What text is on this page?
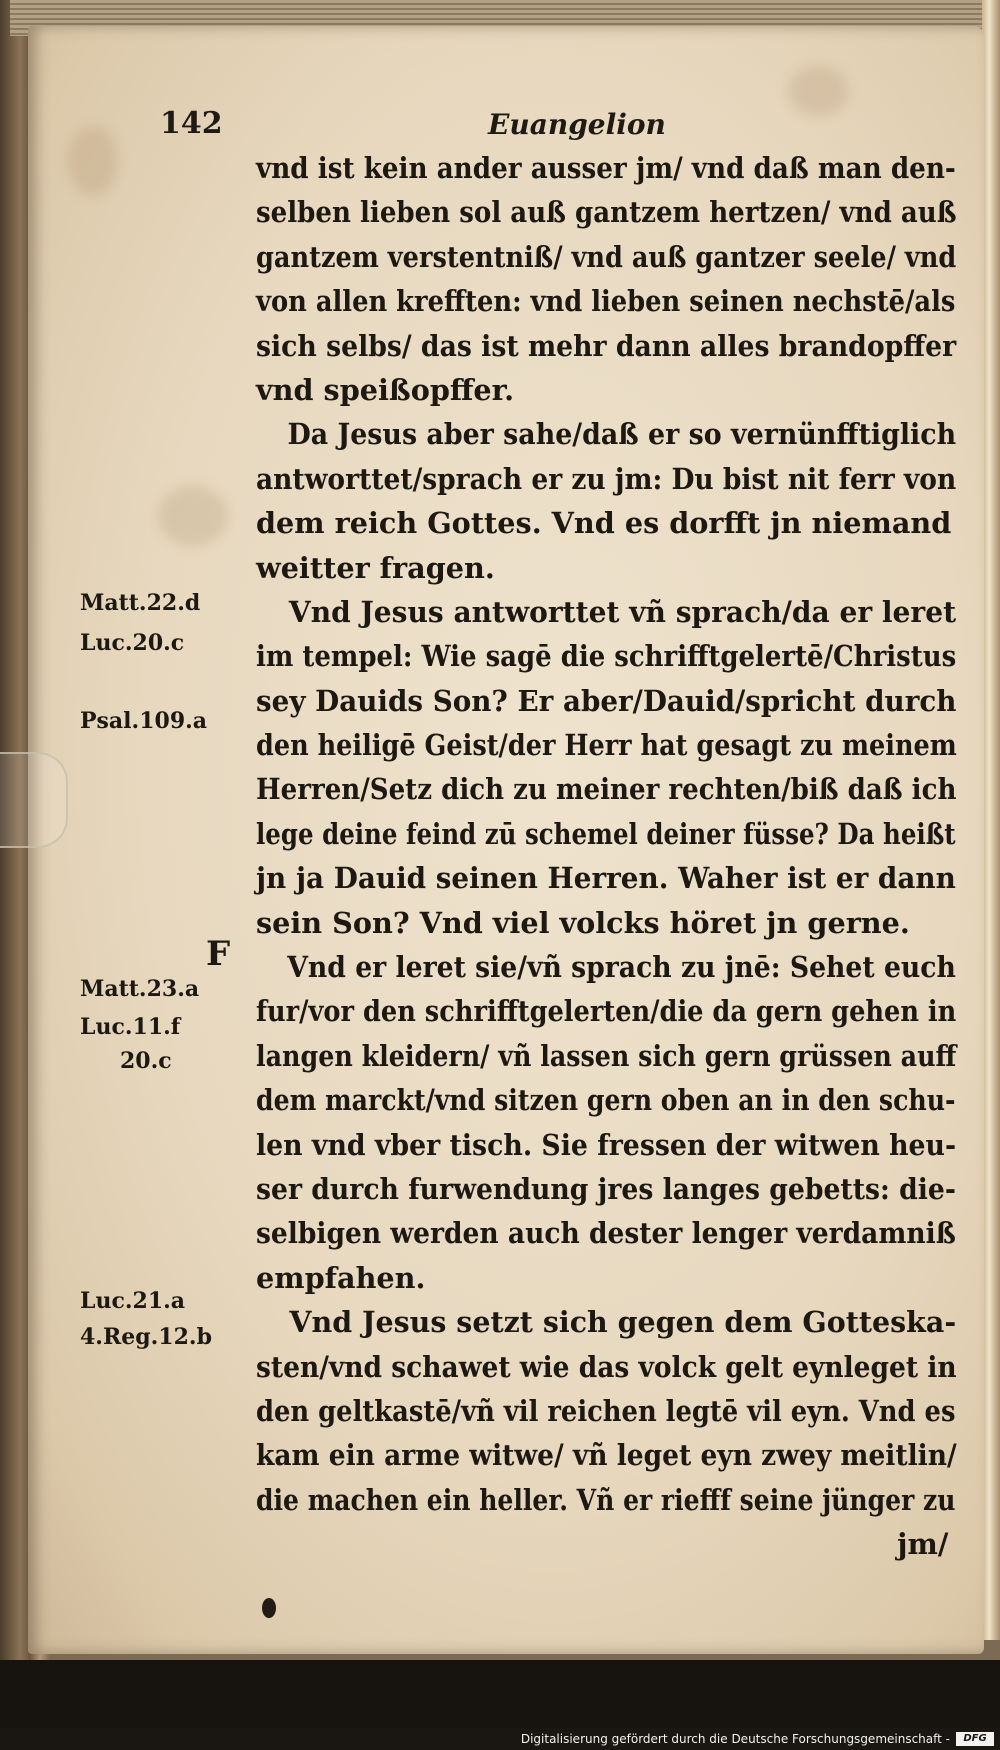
142	Euangelion
vnd ist kein ander ausser jm/ vnd daß man den-
selben lieben sol auß gantzem hertzen/ vnd auß
gantzem verstentniß/ vnd auß gantzer seele/ vnd
von allen krefften: vnd lieben seinen nechstē/als
sich selbs/ das ist mehr dann alles brandopffer
vnd speißopffer.
Da Jesus aber sahe/daß er so vernünfftiglich
antworttet/sprach er zu jm: Du bist nit ferr von
dem reich Gottes. Vnd es dorfft jn niemand
weitter fragen.
Vnd Jesus antworttet vñ sprach/da er leret
im tempel: Wie sagē die schrifftgelertē/Christus
sey Dauids Son? Er aber/Dauid/spricht durch
den heiligē Geist/der Herr hat gesagt zu meinem
Herren/Setz dich zu meiner rechten/biß daß ich
lege deine feind zū schemel deiner füsse? Da heißt
jn ja Dauid seinen Herren. Waher ist er dann
sein Son? Vnd viel volcks höret jn gerne.
Vnd er leret sie/vñ sprach zu jnē: Sehet euch
fur/vor den schrifftgelerten/die da gern gehen in
langen kleidern/ vñ lassen sich gern grüssen auff
dem marckt/vnd sitzen gern oben an in den schu-
len vnd vber tisch. Sie fressen der witwen heu-
ser durch furwendung jres langes gebetts: die-
selbigen werden auch dester lenger verdamniß
empfahen.
Vnd Jesus setzt sich gegen dem Gotteska-
sten/vnd schawet wie das volck gelt eynleget in
den geltkastē/vñ vil reichen legtē vil eyn. Vnd es
kam ein arme witwe/ vñ leget eyn zwey meitlin/
die machen ein heller. Vñ er riefff seine jünger zu
jm/
Matt.22.d
Luc.20.c
Psal.109.a
F
Matt.23.a
Luc.11.f
20.c
Luc.21.a
4.Reg.12.b
Digitalisierung gefördert durch die Deutsche Forschungsgemeinschaft -	DFG
